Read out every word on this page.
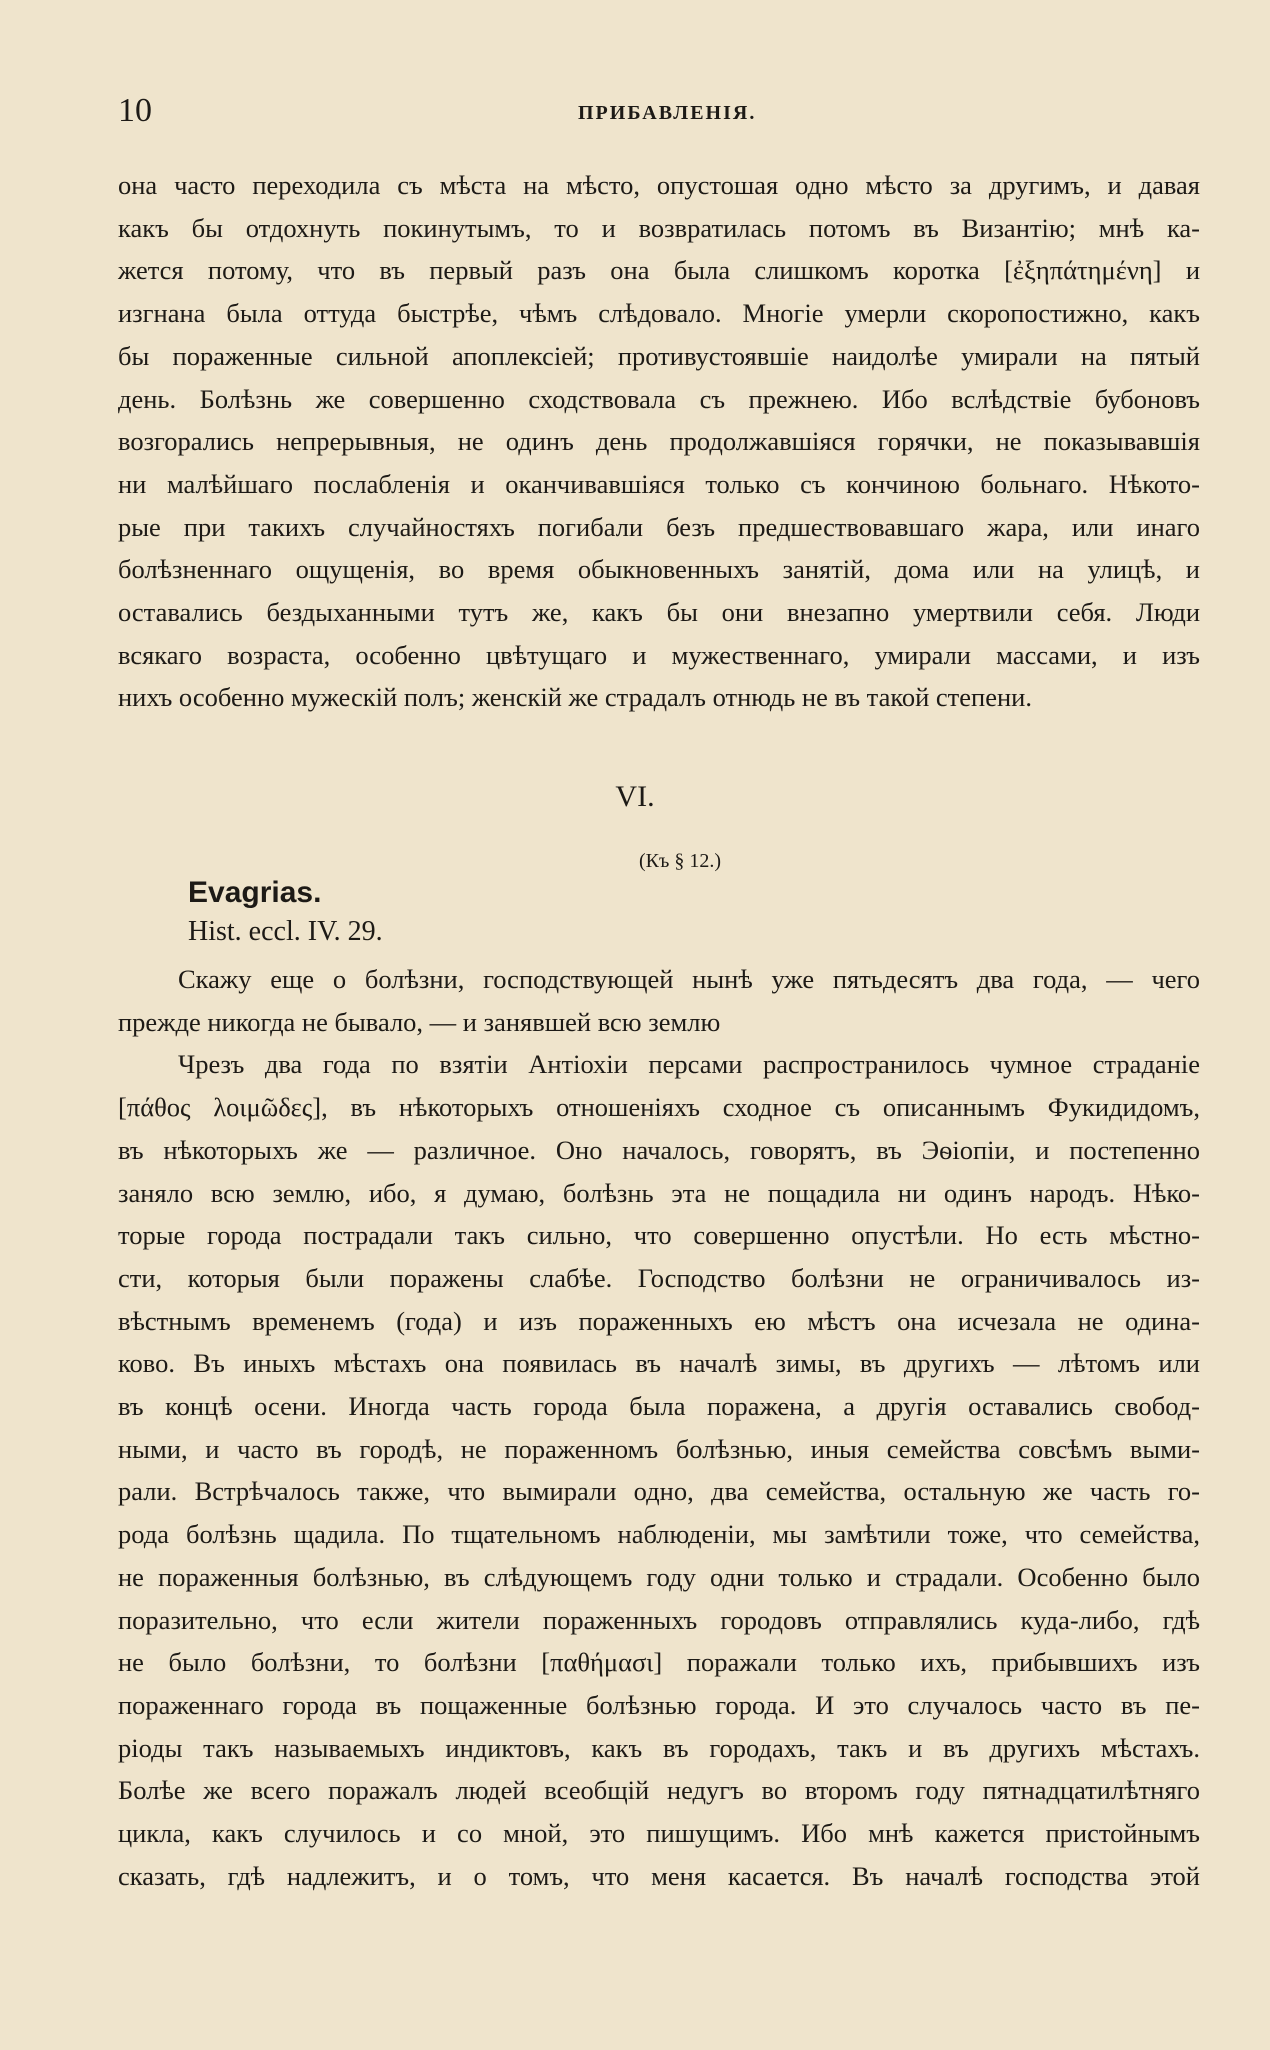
10	ПРИБАВЛЕНІЯ.

она часто переходила съ мѣста на мѣсто, опустошая одно мѣсто за другимъ, и давая

какъ бы отдохнуть покинутымъ, то и возвратилась потомъ въ Византію; мнѣ ка-

жется потому, что въ первый разъ она была слишкомъ коротка [ἐξηπάτημένη] и

изгнана была оттуда быстрѣе, чѣмъ слѣдовало. Многіе умерли скоропостижно, какъ

бы пораженные сильной апоплексіей; противустоявшіе наидолѣе умирали на пятый

день. Болѣзнь же совершенно сходствовала съ прежнею. Ибо вслѣдствіе бубоновъ

возгорались непрерывныя, не одинъ день продолжавшіяся горячки, не показывавшія

ни малѣйшаго послабленія и оканчивавшіяся только съ кончиною больнаго. Нѣкото-

рые при такихъ случайностяхъ погибали безъ предшествовавшаго жара, или инаго

болѣзненнаго ощущенія, во время обыкновенныхъ занятій, дома или на улицѣ, и

оставались бездыханными тутъ же, какъ бы они внезапно умертвили себя. Люди

всякаго возраста, особенно цвѣтущаго и мужественнаго, умирали массами, и изъ

нихъ особенно мужескій полъ; женскій же страдалъ отнюдь не въ такой степени.

VI.
(Къ § 12.)
Evagrias.
Hist. eccl. IV. 29.

Скажу еще о болѣзни, господствующей нынѣ уже пятьдесятъ два года, — чего

прежде никогда не бывало, — и занявшей всю землю

Чрезъ два года по взятіи Антіохіи персами распространилось чумное страданіе

[πάθος λοιμῶδες], въ нѣкоторыхъ отношеніяхъ сходное съ описаннымъ Фукидидомъ,

въ нѣкоторыхъ же — различное. Оно началось, говорятъ, въ Эѳіопіи, и постепенно

заняло всю землю, ибо, я думаю, болѣзнь эта не пощадила ни одинъ народъ. Нѣко-

торые города пострадали такъ сильно, что совершенно опустѣли. Но есть мѣстно-

сти, которыя были поражены слабѣе. Господство болѣзни не ограничивалось из-

вѣстнымъ временемъ (года) и изъ пораженныхъ ею мѣстъ она исчезала не одина-

ково. Въ иныхъ мѣстахъ она появилась въ началѣ зимы, въ другихъ — лѣтомъ или

въ концѣ осени. Иногда часть города была поражена, а другія оставались свобод-

ными, и часто въ городѣ, не пораженномъ болѣзнью, иныя семейства совсѣмъ выми-

рали. Встрѣчалось также, что вымирали одно, два семейства, остальную же часть го-

рода болѣзнь щадила. По тщательномъ наблюденіи, мы замѣтили тоже, что семейства,

не пораженныя болѣзнью, въ слѣдующемъ году одни только и страдали. Особенно было

поразительно, что если жители пораженныхъ городовъ отправлялись куда-либо, гдѣ

не было болѣзни, то болѣзни [παθήμασι] поражали только ихъ, прибывшихъ изъ

пораженнаго города въ пощаженные болѣзнью города. И это случалось часто въ пе-

ріоды такъ называемыхъ индиктовъ, какъ въ городахъ, такъ и въ другихъ мѣстахъ.

Болѣе же всего поражалъ людей всеобщій недугъ во второмъ году пятнадцатилѣтняго

цикла, какъ случилось и со мной, это пишущимъ. Ибо мнѣ кажется пристойнымъ

сказать, гдѣ надлежитъ, и о томъ, что меня касается. Въ началѣ господства этой
